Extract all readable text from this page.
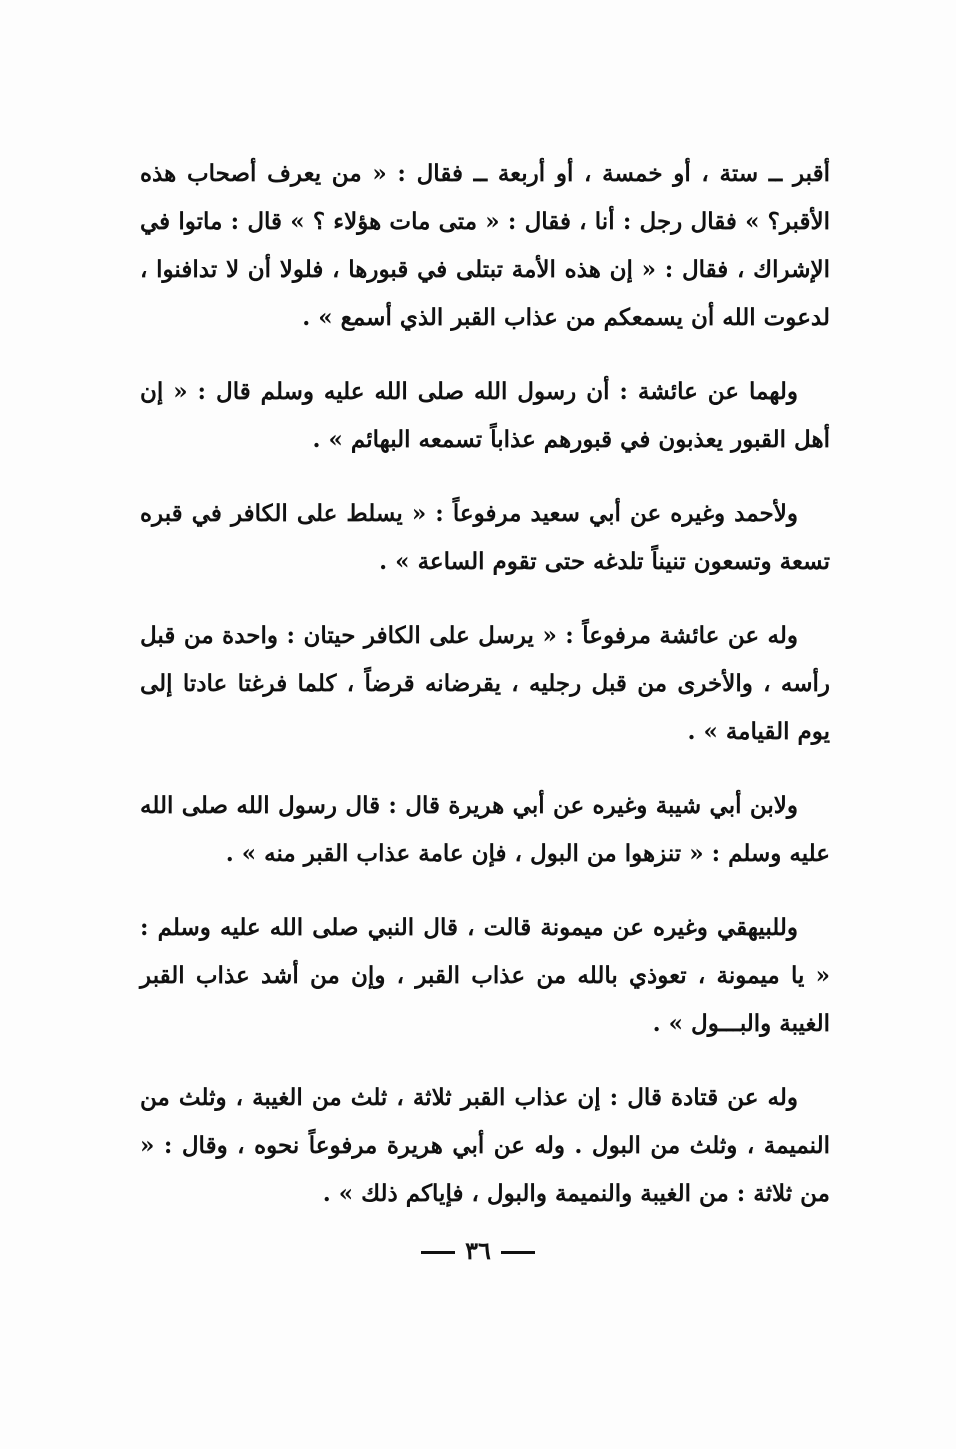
أقبر ــ ستة ، أو خمسة ، أو أربعة ــ فقال : « من يعرف أصحاب هذه الأقبر؟ » فقال رجل : أنا ، فقال : « متى مات هؤلاء ؟ » قال : ماتوا في الإشراك ، فقال : « إن هذه الأمة تبتلى في قبورها ، فلولا أن لا تدافنوا ، لدعوت الله أن يسمعكم من عذاب القبر الذي أسمع » .

ولهما عن عائشة : أن رسول الله صلى الله عليه وسلم قال : « إن أهل القبور يعذبون في قبورهم عذاباً تسمعه البهائم » .

ولأحمد وغيره عن أبي سعيد مرفوعاً : « يسلط على الكافر في قبره تسعة وتسعون تنيناً تلدغه حتى تقوم الساعة » .

وله عن عائشة مرفوعاً : « يرسل على الكافر حيتان : واحدة من قبل رأسه ، والأخرى من قبل رجليه ، يقرضانه قرضاً ، كلما فرغتا عادتا إلى يوم القيامة » .

ولابن أبي شيبة وغيره عن أبي هريرة قال : قال رسول الله صلى الله عليه وسلم : « تنزهوا من البول ، فإن عامة عذاب القبر منه » .

وللبيهقي وغيره عن ميمونة قالت ، قال النبي صلى الله عليه وسلم : « يا ميمونة ، تعوذي بالله من عذاب القبر ، وإن من أشد عذاب القبر الغيبة والبـــول » .

وله عن قتادة قال : إن عذاب القبر ثلاثة ، ثلث من الغيبة ، وثلث من النميمة ، وثلث من البول . وله عن أبي هريرة مرفوعاً نحوه ، وقال : « من ثلاثة : من الغيبة والنميمة والبول ، فإياكم ذلك » .

٣٦
